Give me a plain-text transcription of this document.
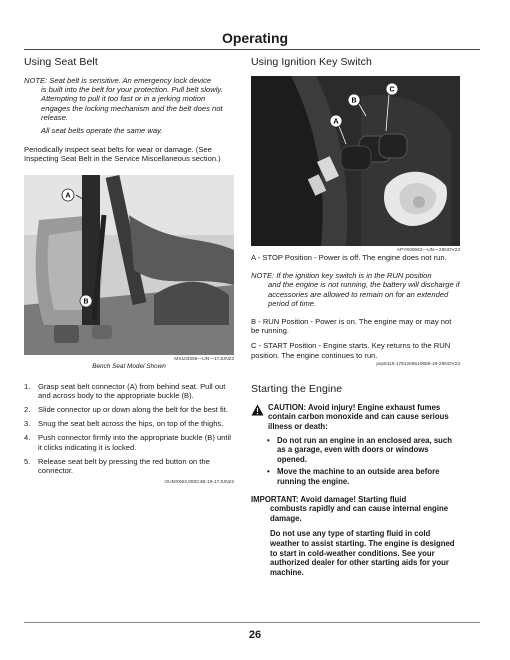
Operating
Using Seat Belt
NOTE: Seat belt is sensitive. An emergency lock device
is built into the belt for your protection. Pull belt slowly. Attempting to pull it too fast or in a jerking motion engages the locking mechanism and the belt does not release.
All seat belts operate the same way.
Periodically inspect seat belts for wear or damage. (See Inspecting Seat Belt in the Service Miscellaneous section.)
A
B
MX103256—UN—17JUN22
Bench Seat Model Shown
1.	Grasp seat belt connector (A) from behind seat. Pull out and across body to the appropriate buckle (B).
2.	Slide connector up or down along the belt for the best fit.
3.	Snug the seat belt across the hips, on top of the thighs.
4.	Push connector firmly into the appropriate buckle (B) until it clicks indicating it is locked.
5.	Release seat belt by pressing the red button on the connector.
OUMX063,000C4B-19-17JUN22
Using Ignition Key Switch
B
C
A
APY600662—UN—29NOV23
A - STOP Position - Power is off. The engine does not run.
NOTE: If the ignition key switch is in the RUN position
and the engine is not running, the battery will discharge if accessories are allowed to remain on for an extended period of time.
B - RUN Position - Power is on. The engine may or may not be running.
C - START Position - Engine starts. Key returns to the RUN position. The engine continues to run.
pvp6119,1791259510658-19-29NOV23
Starting the Engine
CAUTION: Avoid injury! Engine exhaust fumes contain carbon monoxide and can cause serious illness or death:
• Do not run an engine in an enclosed area, such as a garage, even with doors or windows opened.
• Move the machine to an outside area before running the engine.
IMPORTANT: Avoid damage! Starting fluid
combusts rapidly and can cause internal engine damage.
Do not use any type of starting fluid in cold weather to assist starting. The engine is designed to start in cold-weather conditions. See your authorized dealer for other starting aids for your machine.
26
